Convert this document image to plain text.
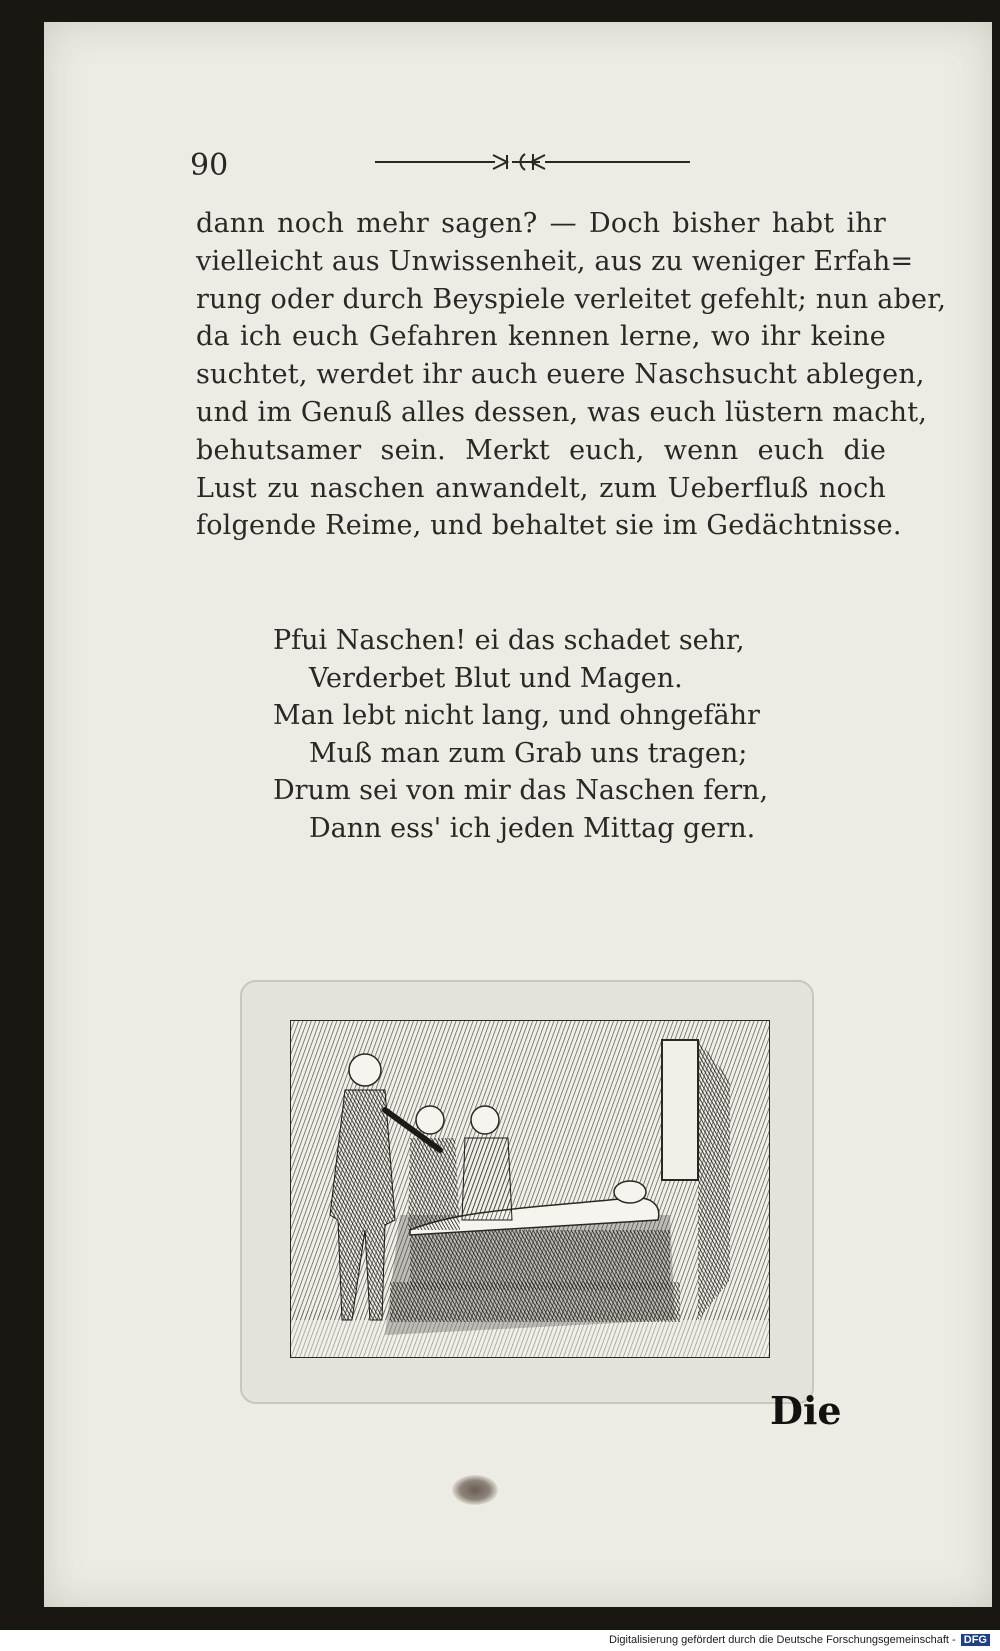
90
dann noch mehr sagen? — Doch bisher habt ihr
vielleicht aus Unwissenheit, aus zu weniger Erfah=
rung oder durch Beyspiele verleitet gefehlt; nun aber,
da ich euch Gefahren kennen lerne, wo ihr keine
suchtet, werdet ihr auch euere Naschsucht ablegen,
und im Genuß alles dessen, was euch lüstern macht,
behutsamer sein. Merkt euch, wenn euch die
Lust zu naschen anwandelt, zum Ueberfluß noch
folgende Reime, und behaltet sie im Gedächtnisse.
Pfui Naschen! ei das schadet sehr,
Verderbet Blut und Magen.
Man lebt nicht lang, und ohngefähr
Muß man zum Grab uns tragen;
Drum sei von mir das Naschen fern,
Dann ess' ich jeden Mittag gern.
Die
Digitalisierung gefördert durch die Deutsche Forschungsgemeinschaft - DFG
